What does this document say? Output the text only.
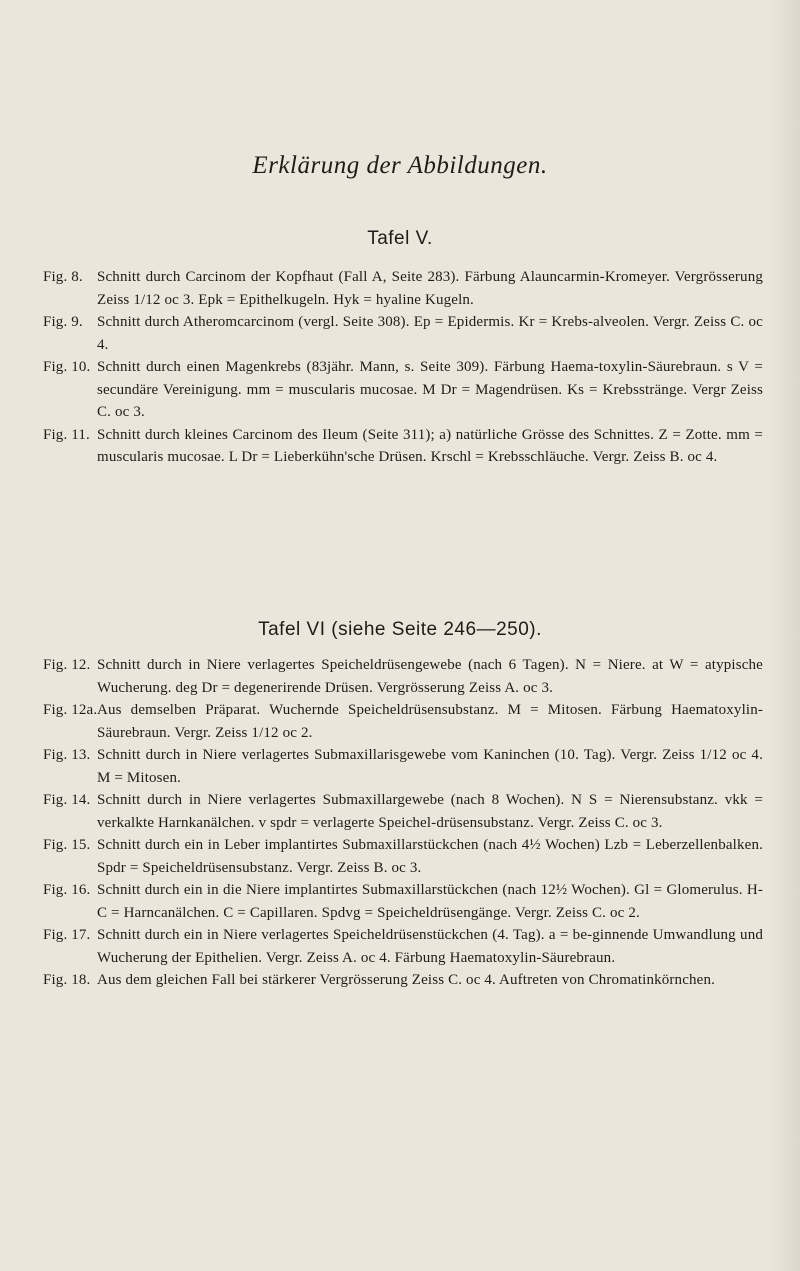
Erklärung der Abbildungen.
Tafel V.
Fig. 8. Schnitt durch Carcinom der Kopfhaut (Fall A, Seite 283). Färbung Alauncarmin-Kromeyer. Vergrösserung Zeiss 1/12 oc 3. Epk = Epithelkugeln. Hyk = hyaline Kugeln.
Fig. 9. Schnitt durch Atheromcarcinom (vergl. Seite 308). Ep = Epidermis. Kr = Krebs-alveolen. Vergr. Zeiss C. oc 4.
Fig. 10. Schnitt durch einen Magenkrebs (83jähr. Mann, s. Seite 309). Färbung Haema-toxylin-Säurebraun. s V = secundäre Vereinigung. mm = muscularis mucosae. M Dr = Magendrüsen. Ks = Krebsstränge. Vergr Zeiss C. oc 3.
Fig. 11. Schnitt durch kleines Carcinom des Ileum (Seite 311); a) natürliche Grösse des Schnittes. Z = Zotte. mm = muscularis mucosae. L Dr = Lieberkühn'sche Drüsen. Krschl = Krebsschläuche. Vergr. Zeiss B. oc 4.
Tafel VI (siehe Seite 246—250).
Fig. 12. Schnitt durch in Niere verlagertes Speicheldrüsengewebe (nach 6 Tagen). N = Niere. at W = atypische Wucherung. deg Dr = degenerirende Drüsen. Vergrösserung Zeiss A. oc 3.
Fig. 12a. Aus demselben Präparat. Wuchernde Speicheldrüsensubstanz. M = Mitosen. Färbung Haematoxylin-Säurebraun. Vergr. Zeiss 1/12 oc 2.
Fig. 13. Schnitt durch in Niere verlagertes Submaxillarisgewebe vom Kaninchen (10. Tag). Vergr. Zeiss 1/12 oc 4. M = Mitosen.
Fig. 14. Schnitt durch in Niere verlagertes Submaxillargewebe (nach 8 Wochen). N S = Nierensubstanz. vkk = verkalkte Harnkanälchen. v spdr = verlagerte Speichel-drüsensubstanz. Vergr. Zeiss C. oc 3.
Fig. 15. Schnitt durch ein in Leber implantirtes Submaxillarstückchen (nach 4½ Wochen) Lzb = Leberzellenbalken. Spdr = Speicheldrüsensubstanz. Vergr. Zeiss B. oc 3.
Fig. 16. Schnitt durch ein in die Niere implantirtes Submaxillarstückchen (nach 12½ Wochen). Gl = Glomerulus. H-C = Harncanälchen. C = Capillaren. Spdvg = Speicheldrüsengänge. Vergr. Zeiss C. oc 2.
Fig. 17. Schnitt durch ein in Niere verlagertes Speicheldrüsenstückchen (4. Tag). a = be-ginnende Umwandlung und Wucherung der Epithelien. Vergr. Zeiss A. oc 4. Färbung Haematoxylin-Säurebraun.
Fig. 18. Aus dem gleichen Fall bei stärkerer Vergrösserung Zeiss C. oc 4. Auftreten von Chromatinkörnchen.
